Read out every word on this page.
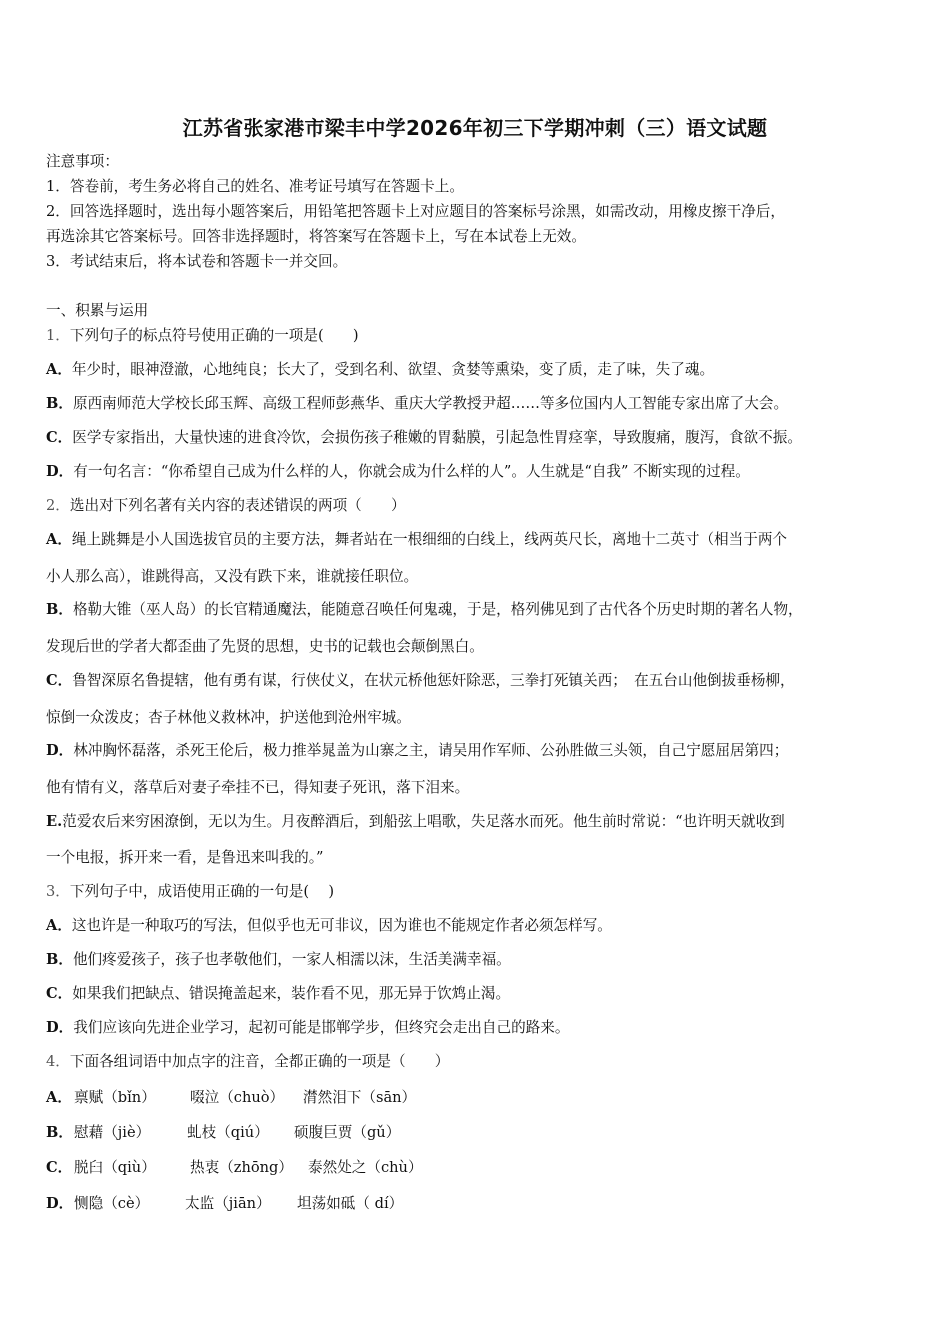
江苏省张家港市梁丰中学2026年初三下学期冲刺（三）语文试题
注意事项：
1．答卷前，考生务必将自己的姓名、准考证号填写在答题卡上。
2．回答选择题时，选出每小题答案后，用铅笔把答题卡上对应题目的答案标号涂黑，如需改动，用橡皮擦干净后，
再选涂其它答案标号。回答非选择题时，将答案写在答题卡上，写在本试卷上无效。
3．考试结束后，将本试卷和答题卡一并交回。
一、积累与运用
1．下列句子的标点符号使用正确的一项是(　　)
A．年少时，眼神澄澈，心地纯良；长大了，受到名利、欲望、贪婪等熏染，变了质，走了味，失了魂。
B．原西南师范大学校长邱玉辉、高级工程师彭燕华、重庆大学教授尹超……等多位国内人工智能专家出席了大会。
C．医学专家指出，大量快速的进食冷饮，会损伤孩子稚嫩的胃黏膜，引起急性胃痉挛，导致腹痛，腹泻，食欲不振。
D．有一句名言：“你希望自己成为什么样的人，你就会成为什么样的人”。人生就是“自我” 不断实现的过程。
2．选出对下列名著有关内容的表述错误的两项（　　）
A．绳上跳舞是小人国选拔官员的主要方法，舞者站在一根细细的白线上，线两英尺长，离地十二英寸（相当于两个
小人那么高），谁跳得高，又没有跌下来，谁就接任职位。
B．格勒大锥（巫人岛）的长官精通魔法，能随意召唤任何鬼魂，于是，格列佛见到了古代各个历史时期的著名人物，
发现后世的学者大都歪曲了先贤的思想，史书的记载也会颠倒黑白。
C．鲁智深原名鲁提辖，他有勇有谋，行侠仗义，在状元桥他惩奸除恶，三拳打死镇关西；　在五台山他倒拔垂杨柳，
惊倒一众泼皮；杏子林他义救林冲，护送他到沧州牢城。
D．林冲胸怀磊落，杀死王伦后，极力推举晁盖为山寨之主，请吴用作军师、公孙胜做三头领，自己宁愿屈居第四；
他有情有义，落草后对妻子牵挂不已，得知妻子死讯，落下泪来。
E.范爱农后来穷困潦倒，无以为生。月夜醉酒后，到船弦上唱歌，失足落水而死。他生前时常说：“也许明天就收到
一个电报，拆开来一看，是鲁迅来叫我的。”
3．下列句子中，成语使用正确的一句是(　 )
A．这也许是一种取巧的写法，但似乎也无可非议，因为谁也不能规定作者必须怎样写。
B．他们疼爱孩子，孩子也孝敬他们，一家人相濡以沫，生活美满幸福。
C．如果我们把缺点、错误掩盖起来，装作看不见，那无异于饮鸩止渴。
D．我们应该向先进企业学习，起初可能是邯郸学步，但终究会走出自己的路来。
4．下面各组词语中加点字的注音，全都正确的一项是（　　）
A． 禀赋（bǐn） 啜泣（chuò） 潸然泪下（sān）
B． 慰藉（jiè）	虬枝（qiú） 硕腹巨贾（gǔ）
C． 脱臼（qiù） 热衷（zhōng） 泰然处之（chù）
D． 恻隐（cè） 太监（jiān） 坦荡如砥（ dí）
